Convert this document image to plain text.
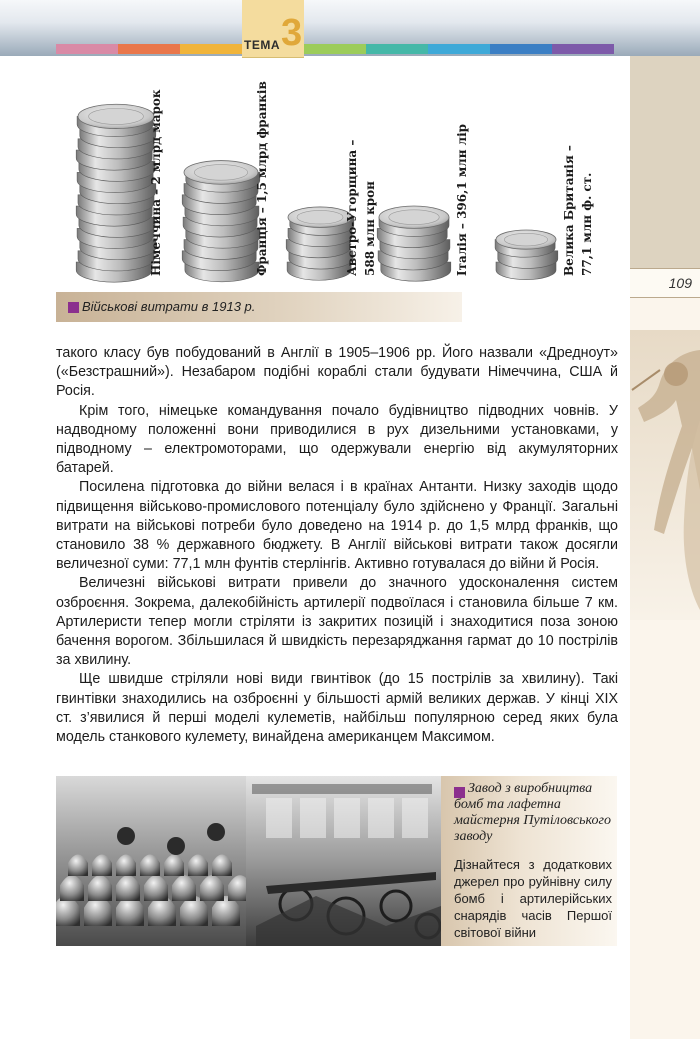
ТЕМА 3
109
Німеччина – 2 млрд марок	Франція – 1,5 млрд франків	Австро-Угорщина – 588 млн крон	Італія – 396,1 млн лір	Велика Британія – 77,1 млн ф. ст.
Військові витрати в 1913 р.

такого класу був побудований в Англії в 1905–1906 рр. Його назвали «Дредноут» («Безстрашний»). Незабаром подібні кораблі стали будувати Німеччина, США й Росія.

Крім того, німецьке командування почало будівництво підводних човнів. У надводному положенні вони приводилися в рух дизельними установками, у підводному – електромоторами, що одержували енергію від акумуляторних батарей.

Посилена підготовка до війни велася і в країнах Антанти. Низку заходів щодо підвищення військово-промислового потенціалу було здійснено у Франції. Загальні витрати на військові потреби було доведено на 1914 р. до 1,5 млрд франків, що становило 38 % державного бюджету. В Англії військові витрати також досягли величезної суми: 77,1 млн фунтів стерлінгів. Активно готувалася до війни й Росія.

Величезні військові витрати привели до значного удосконалення систем озброєння. Зокрема, далекобійність артилерії подвоїлася і становила більше 7 км. Артилеристи тепер могли стріляти із закритих позицій і знаходитися поза зоною бачення ворогом. Збільшилася й швидкість перезаряджання гармат до 10 пострілів за хвилину.

Ще швидше стріляли нові види гвинтівок (до 15 пострілів за хвилину). Такі гвинтівки знаходились на озброєнні у більшості армій великих держав. У кінці XIX ст. з’явилися й перші моделі кулеметів, найбільш популярною серед яких була модель станкового кулемету, винайдена американцем Максимом.

Завод з виробництва бомб та лафетна майстерня Путіловського заводу
Дізнайтеся з додаткових джерел про руйнівну силу бомб і артилерійських снарядів часів Першої світової війни
